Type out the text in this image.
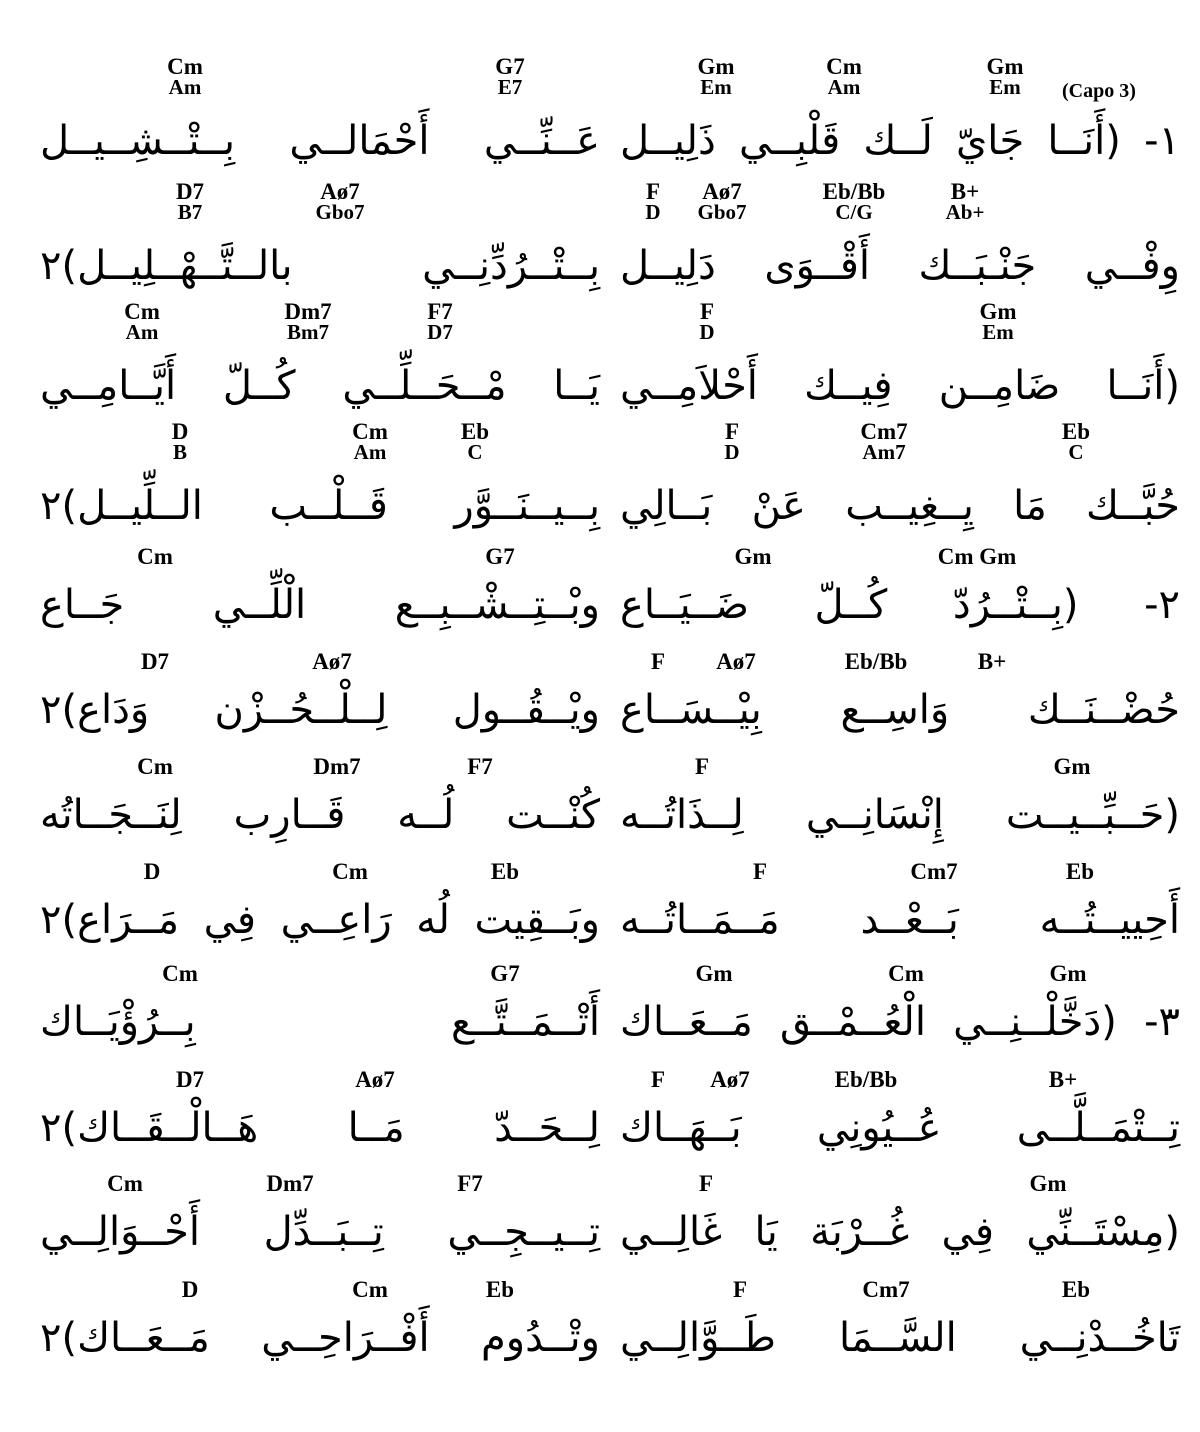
(Capo 3)
Gm	Cm	Gm
Em	Am	Em
١- (أَنَــا جَايّ لَــك قَلْبِــي ذَلِيــل
F Aø7	Eb/Bb	B+
D Gbo7	C/G	Ab+
وِفْــي جَنْـبَــك أَقْــوَى دَلِيــل
F	Gm
D	Em
(أَنَــا ضَامِــن فِيــك أَحْلاَمِــي
F	Cm7	Eb
D	Am7	C
حُبَّــك مَا يِــغِيــب عَنْ بَــالِي
Gm	Cm Gm
٢- (بِــتْــرُدّ كُــلّ ضَــيَــاع
F Aø7	Eb/Bb	B+
حُضْــنَــك وَاسِــع بِيْــسَــاع
F	Gm
(حَــبِّــيــت إِنْسَانِــي لِــذَاتُــه
F	Cm7	Eb
أَحِييــتُــه بَــعْــد مَــمَــاتُــه
Gm	Cm	Gm
٣- (دَخَّلْــنِــي الْعُــمْــق مَــعَــاك
F Aø7	Eb/Bb	B+
تِــتْمَــلَّــى عُــيُونِي بَــهَــاك
F	Gm
(مِسْتَــنِّي فِي غُــرْبَة يَا غَالِــي
F	Cm7	Eb
تَاخُــدْنِــي السَّــمَا طَــوَّالِــي
Cm	G7
Am	E7
عَــنِّــي أَحْمَالــي بِــتْــشِــيــل
D7	Aø7
B7	Gbo7
بِــتْــرُدِّنِــي بالــتَّــهْــلِيــل)٢
Cm	Dm7	F7
Am	Bm7	D7
يَــا مْــحَــلِّــي كُــلّ أَيَّــامِــي
D	Cm	Eb
B	Am	C
بِــيــنَــوَّر قَــلْــب الــلِّيــل)٢
Cm	G7
وبْــتِــشْــبِــع الْلِّــي جَــاع
D7	Aø7
ويْــقُــول لِــلْــحُــزْن وَدَاع)٢
Cm	Dm7	F7
كُنْــت لُــه قَــارِب لِنَــجَــاتُه
D	Cm	Eb
وبَــقِيت لُه رَاعِــي فِي مَــرَاع)٢
Cm	G7
أَتْــمَــتَّــع بِــرُؤْيَــاك
D7	Aø7
لِــحَــدّ مَــا هَــالْــقَــاك)٢
Cm	Dm7	F7
تِــيــجِــي تِــبَــدِّل أَحْــوَالِــي
D	Cm	Eb
وتْــدُوم أَفْــرَاحِــي مَــعَــاك)٢
